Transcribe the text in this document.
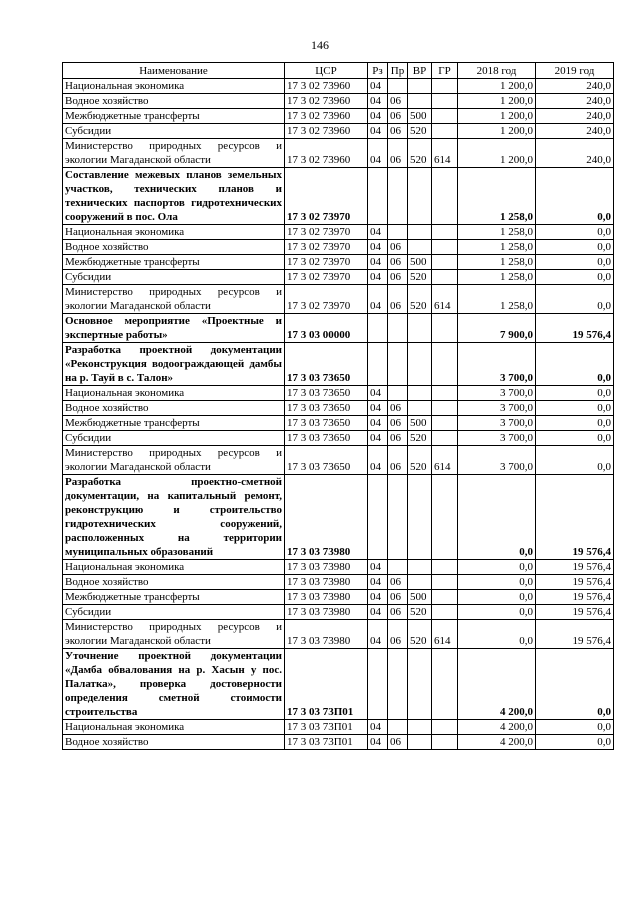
146
Наименование	ЦСР	Рз	Пр	ВР	ГР	2018 год	2019 год
Национальная экономика	17 3 02 73960	04				1 200,0	240,0
Водное хозяйство	17 3 02 73960	04	06			1 200,0	240,0
Межбюджетные трансферты	17 3 02 73960	04	06	500		1 200,0	240,0
Субсидии	17 3 02 73960	04	06	520		1 200,0	240,0
Министерство природных ресурсов и экологии Магаданской области	17 3 02 73960	04	06	520	614	1 200,0	240,0
Составление межевых планов земельных участков, технических планов и технических паспортов гидротехнических сооружений в пос. Ола	17 3 02 73970					1 258,0	0,0
Национальная экономика	17 3 02 73970	04				1 258,0	0,0
Водное хозяйство	17 3 02 73970	04	06			1 258,0	0,0
Межбюджетные трансферты	17 3 02 73970	04	06	500		1 258,0	0,0
Субсидии	17 3 02 73970	04	06	520		1 258,0	0,0
Министерство природных ресурсов и экологии Магаданской области	17 3 02 73970	04	06	520	614	1 258,0	0,0
Основное мероприятие «Проектные и экспертные работы»	17 3 03 00000					7 900,0	19 576,4
Разработка проектной документации «Реконструкция водоограждающей дамбы на р. Тауй в с. Талон»	17 3 03 73650					3 700,0	0,0
Национальная экономика	17 3 03 73650	04				3 700,0	0,0
Водное хозяйство	17 3 03 73650	04	06			3 700,0	0,0
Межбюджетные трансферты	17 3 03 73650	04	06	500		3 700,0	0,0
Субсидии	17 3 03 73650	04	06	520		3 700,0	0,0
Министерство природных ресурсов и экологии Магаданской области	17 3 03 73650	04	06	520	614	3 700,0	0,0
Разработка проектно-сметной документации, на капитальный ремонт, реконструкцию и строительство гидротехнических сооружений, расположенных на территории муниципальных образований	17 3 03 73980					0,0	19 576,4
Национальная экономика	17 3 03 73980	04				0,0	19 576,4
Водное хозяйство	17 3 03 73980	04	06			0,0	19 576,4
Межбюджетные трансферты	17 3 03 73980	04	06	500		0,0	19 576,4
Субсидии	17 3 03 73980	04	06	520		0,0	19 576,4
Министерство природных ресурсов и экологии Магаданской области	17 3 03 73980	04	06	520	614	0,0	19 576,4
Уточнение проектной документации «Дамба обвалования на р. Хасын у пос. Палатка», проверка достоверности определения сметной стоимости строительства	17 3 03 73П01					4 200,0	0,0
Национальная экономика	17 3 03 73П01	04				4 200,0	0,0
Водное хозяйство	17 3 03 73П01	04	06			4 200,0	0,0
